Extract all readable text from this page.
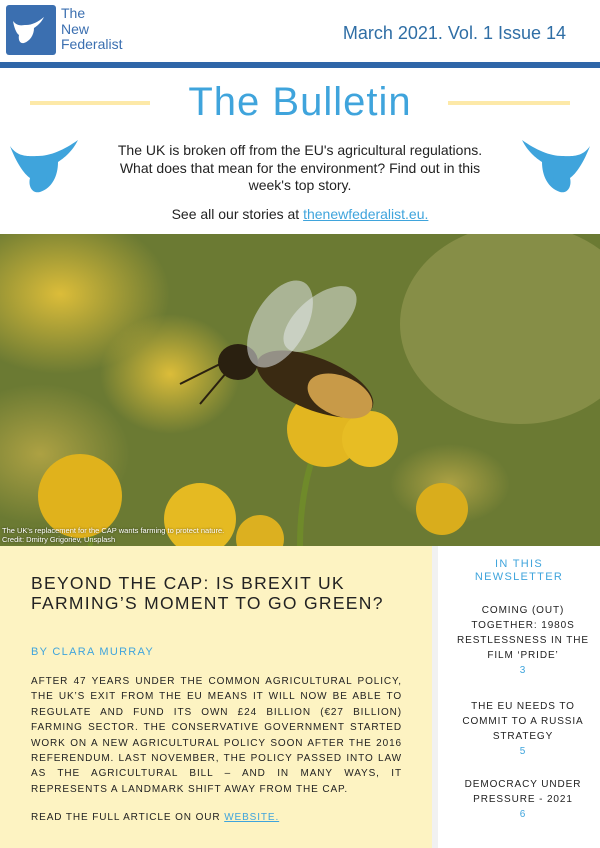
The
New
Federalist
March 2021. Vol. 1 Issue 14
The Bulletin
The UK is broken off from the EU's agricultural regulations. What does that mean for the environment? Find out in this week's top story.
See all our stories at thenewfederalist.eu.
The UK's replacement for the CAP wants farming to protect nature.
Credit: Dmitry Grigoriev, Unsplash
BEYOND THE CAP: IS BREXIT UK FARMING’S MOMENT TO GO GREEN?
BY CLARA MURRAY
AFTER 47 YEARS UNDER THE COMMON AGRICULTURAL POLICY, THE UK’S EXIT FROM THE EU MEANS IT WILL NOW BE ABLE TO REGULATE AND FUND ITS OWN £24 BILLION (€27 BILLION) FARMING SECTOR. THE CONSERVATIVE GOVERNMENT STARTED WORK ON A NEW AGRICULTURAL POLICY SOON AFTER THE 2016 REFERENDUM. LAST NOVEMBER, THE POLICY PASSED INTO LAW AS THE AGRICULTURAL BILL – AND IN MANY WAYS, IT REPRESENTS A LANDMARK SHIFT AWAY FROM THE CAP.
READ THE FULL ARTICLE ON OUR WEBSITE.
IN THIS
NEWSLETTER
COMING (OUT) TOGETHER: 1980S RESTLESSNESS IN THE FILM ‘PRIDE’
3
THE EU NEEDS TO COMMIT TO A RUSSIA STRATEGY
5
DEMOCRACY UNDER PRESSURE - 2021
6
